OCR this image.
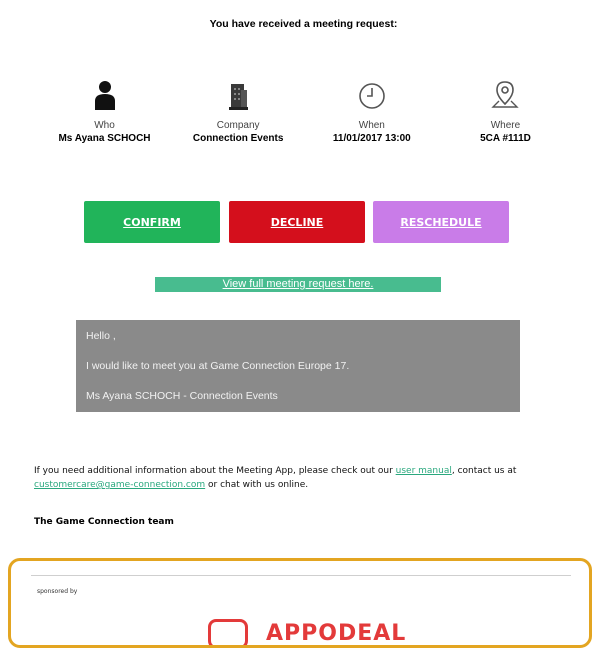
You have received a meeting request:
Who
Ms Ayana SCHOCH
Company
Connection Events
When
11/01/2017 13:00
Where
5CA #111D
CONFIRM	DECLINE	RESCHEDULE
View full meeting request here.

Hello ,

I would like to meet you at Game Connection Europe 17.

Ms Ayana SCHOCH - Connection Events

If you need additional information about the Meeting App, please check out our user manual, contact us at customercare@game-connection.com or chat with us online.
The Game Connection team
sponsored by
APPODEAL
